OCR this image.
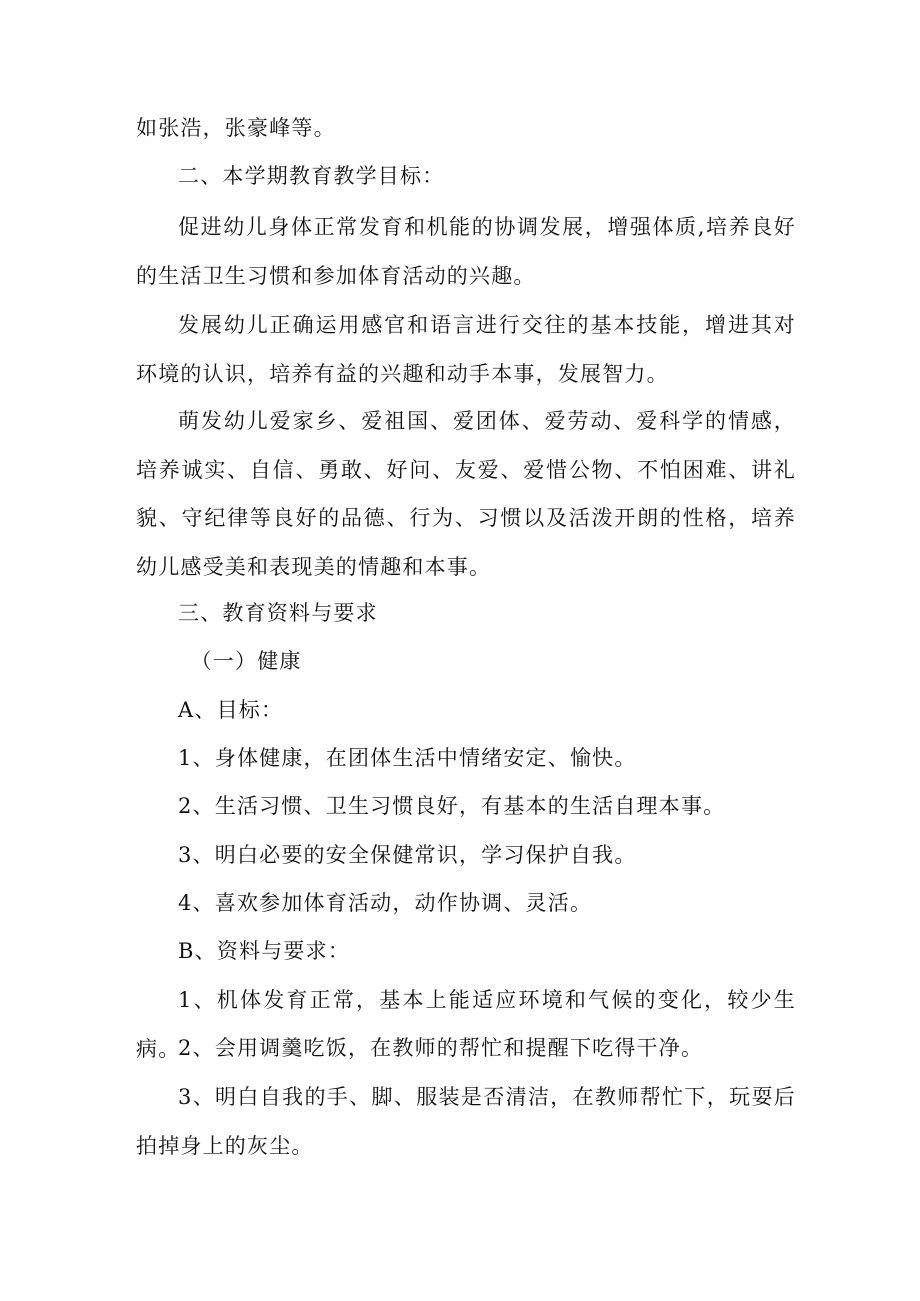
如张浩，张豪峰等。

二、本学期教育教学目标：

促进幼儿身体正常发育和机能的协调发展，增强体质,培养良好的生活卫生习惯和参加体育活动的兴趣。

发展幼儿正确运用感官和语言进行交往的基本技能，增进其对环境的认识，培养有益的兴趣和动手本事，发展智力。

萌发幼儿爱家乡、爱祖国、爱团体、爱劳动、爱科学的情感，培养诚实、自信、勇敢、好问、友爱、爱惜公物、不怕困难、讲礼貌、守纪律等良好的品德、行为、习惯以及活泼开朗的性格，培养幼儿感受美和表现美的情趣和本事。

三、教育资料与要求

（一）健康

A、目标：

1、身体健康，在团体生活中情绪安定、愉快。

2、生活习惯、卫生习惯良好，有基本的生活自理本事。

3、明白必要的安全保健常识，学习保护自我。

4、喜欢参加体育活动，动作协调、灵活。

B、资料与要求：

1、机体发育正常，基本上能适应环境和气候的变化，较少生病。

2、会用调羹吃饭，在教师的帮忙和提醒下吃得干净。

3、明白自我的手、脚、服装是否清洁，在教师帮忙下，玩耍后拍掉身上的灰尘。
